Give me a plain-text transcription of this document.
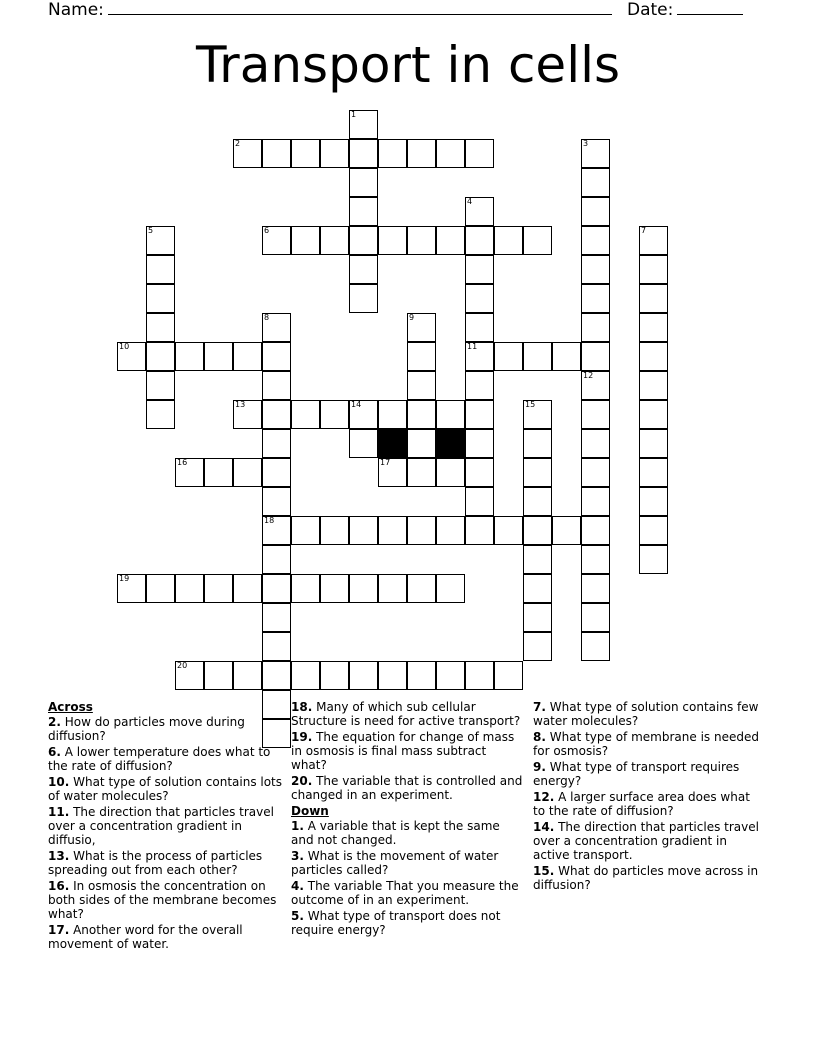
Name:	Date:
Transport in cells
1
2	3
4
11
5	6	7
8
18
9
10
12
13	14	15
16	17
19
20
Across
2. How do particles move during diffusion?
6. A lower temperature does what to the rate of diffusion?
10. What type of solution contains lots of water molecules?
11. The direction that particles travel over a concentration gradient in diffusio,
13. What is the process of particles spreading out from each other?
16. In osmosis the concentration on both sides of the membrane becomes what?
17. Another word for the overall movement of water.
18. Many of which sub cellular Structure is need for active transport?
19. The equation for change of mass in osmosis is final mass subtract what?
20. The variable that is controlled and changed in an experiment.
Down
1. A variable that is kept the same and not changed.
3. What is the movement of water particles called?
4. The variable That you measure the outcome of in an experiment.
5. What type of transport does not require energy?
7. What type of solution contains few water molecules?
8. What type of membrane is needed for osmosis?
9. What type of transport requires energy?
12. A larger surface area does what to the rate of diffusion?
14. The direction that particles travel over a concentration gradient in active transport.
15. What do particles move across in diffusion?
